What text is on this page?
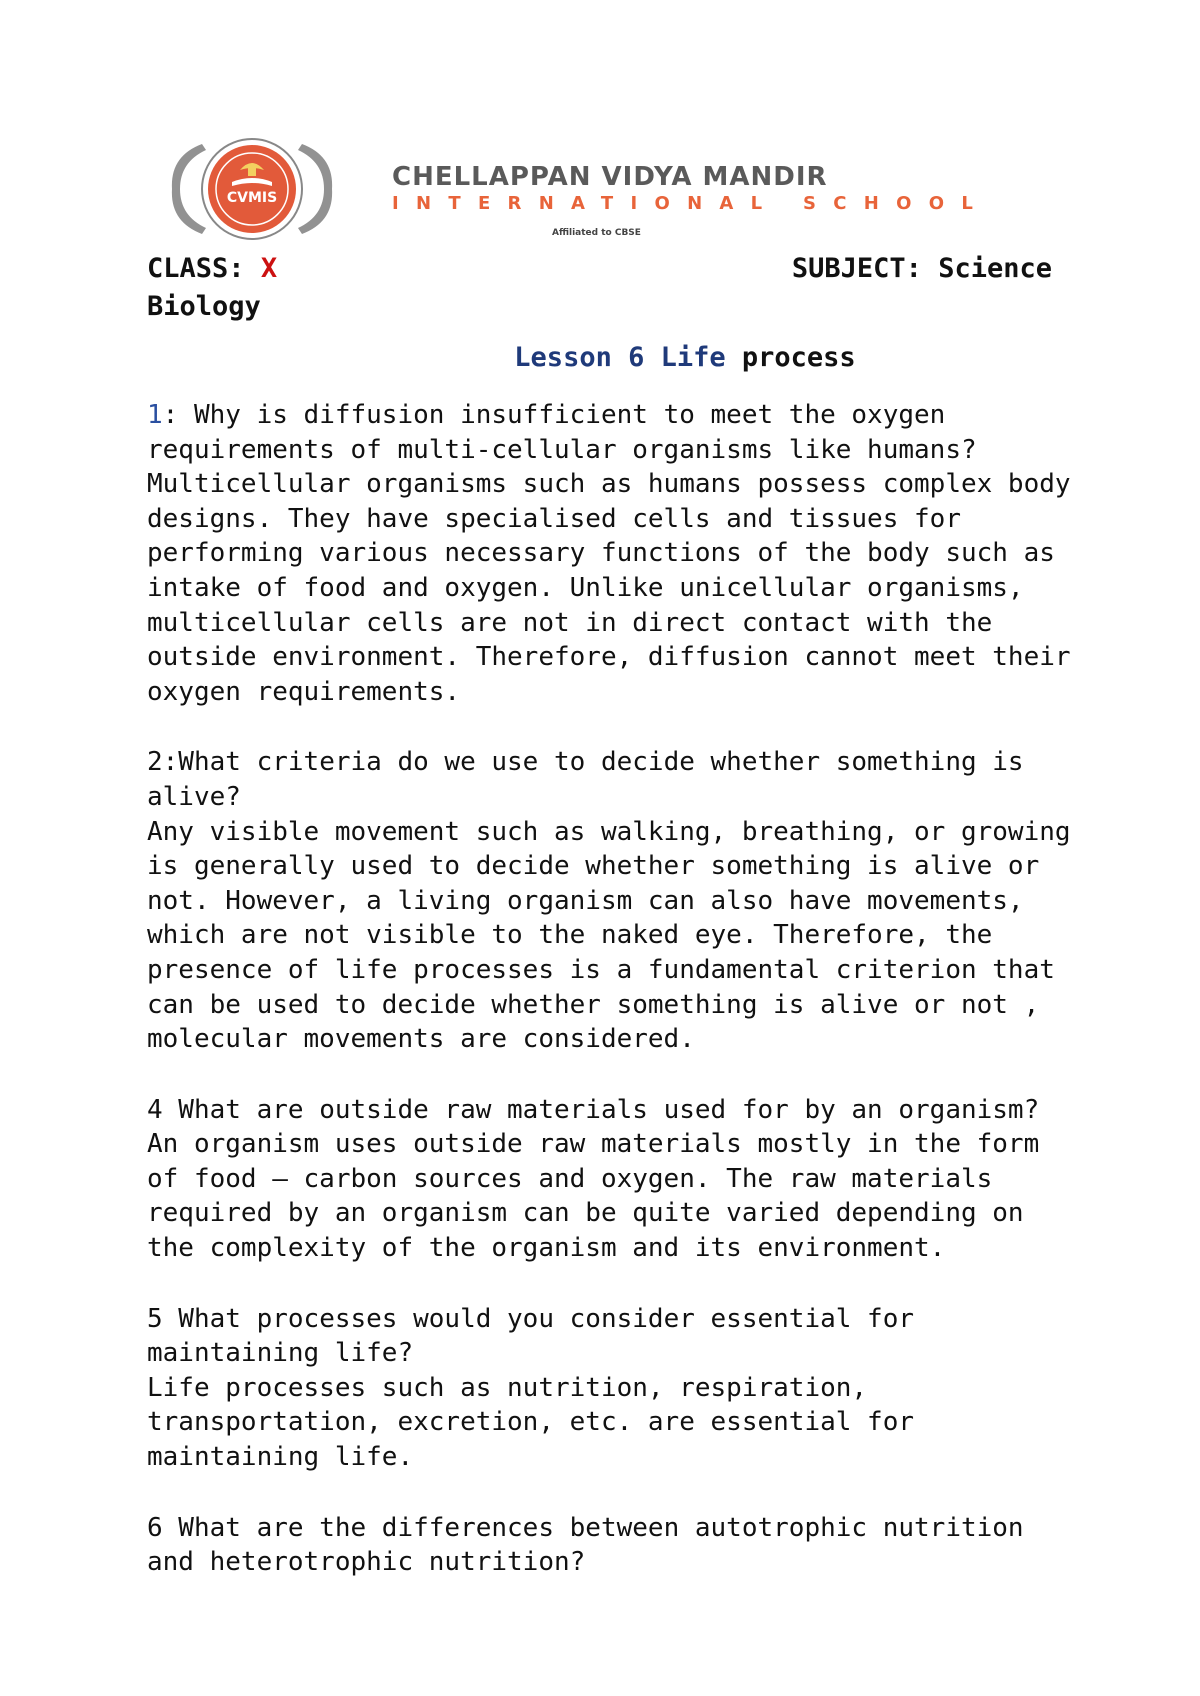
CVMIS
CHELLAPPAN VIDYA MANDIR
INTERNATIONAL SCHOOL
Affiliated to CBSE
CLASS: X	SUBJECT: Science
Biology
Lesson 6 Life process

1: Why is diffusion insufficient to meet the oxygen requirements of multi-cellular organisms like humans?

Multicellular organisms such as humans possess complex body designs. They have specialised cells and tissues for performing various necessary functions of the body such as intake of food and oxygen. Unlike unicellular organisms, multicellular cells are not in direct contact with the outside environment. Therefore, diffusion cannot meet their oxygen requirements.

2:What criteria do we use to decide whether something is alive?

Any visible movement such as walking, breathing, or growing is generally used to decide whether something is alive or not. However, a living organism can also have movements, which are not visible to the naked eye. Therefore, the presence of life processes is a fundamental criterion that can be used to decide whether something is alive or not , molecular movements are considered.

4 What are outside raw materials used for by an organism?

An organism uses outside raw materials mostly in the form of food – carbon sources and oxygen. The raw materials required by an organism can be quite varied depending on the complexity of the organism and its environment.

5 What processes would you consider essential for maintaining life?

Life processes such as nutrition, respiration, transportation, excretion, etc. are essential for maintaining life.

6 What are the differences between autotrophic nutrition and heterotrophic nutrition?
